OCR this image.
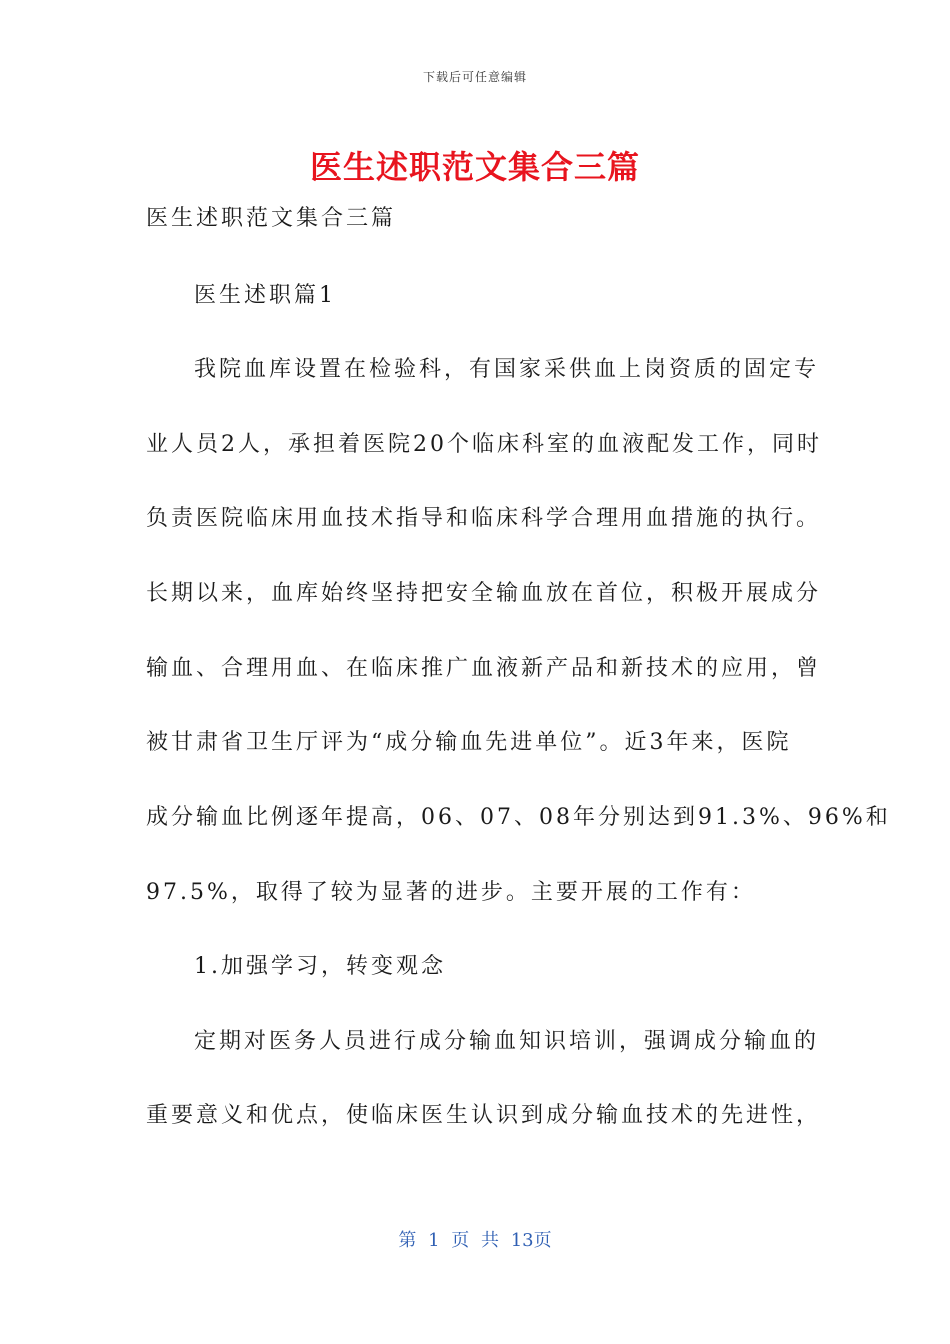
下载后可任意编辑
医生述职范文集合三篇
医生述职范文集合三篇
医生述职篇1
我院血库设置在检验科，有国家采供血上岗资质的固定专
业人员2人，承担着医院20个临床科室的血液配发工作，同时
负责医院临床用血技术指导和临床科学合理用血措施的执行。
长期以来，血库始终坚持把安全输血放在首位，积极开展成分
输血、合理用血、在临床推广血液新产品和新技术的应用，曾
被甘肃省卫生厅评为“成分输血先进单位”。近3年来，医院
成分输血比例逐年提高，06、07、08年分别达到91.3%、96%和
97.5%，取得了较为显著的进步。主要开展的工作有：
1.加强学习，转变观念
定期对医务人员进行成分输血知识培训，强调成分输血的
重要意义和优点，使临床医生认识到成分输血技术的先进性，
第 1 页 共 13页
